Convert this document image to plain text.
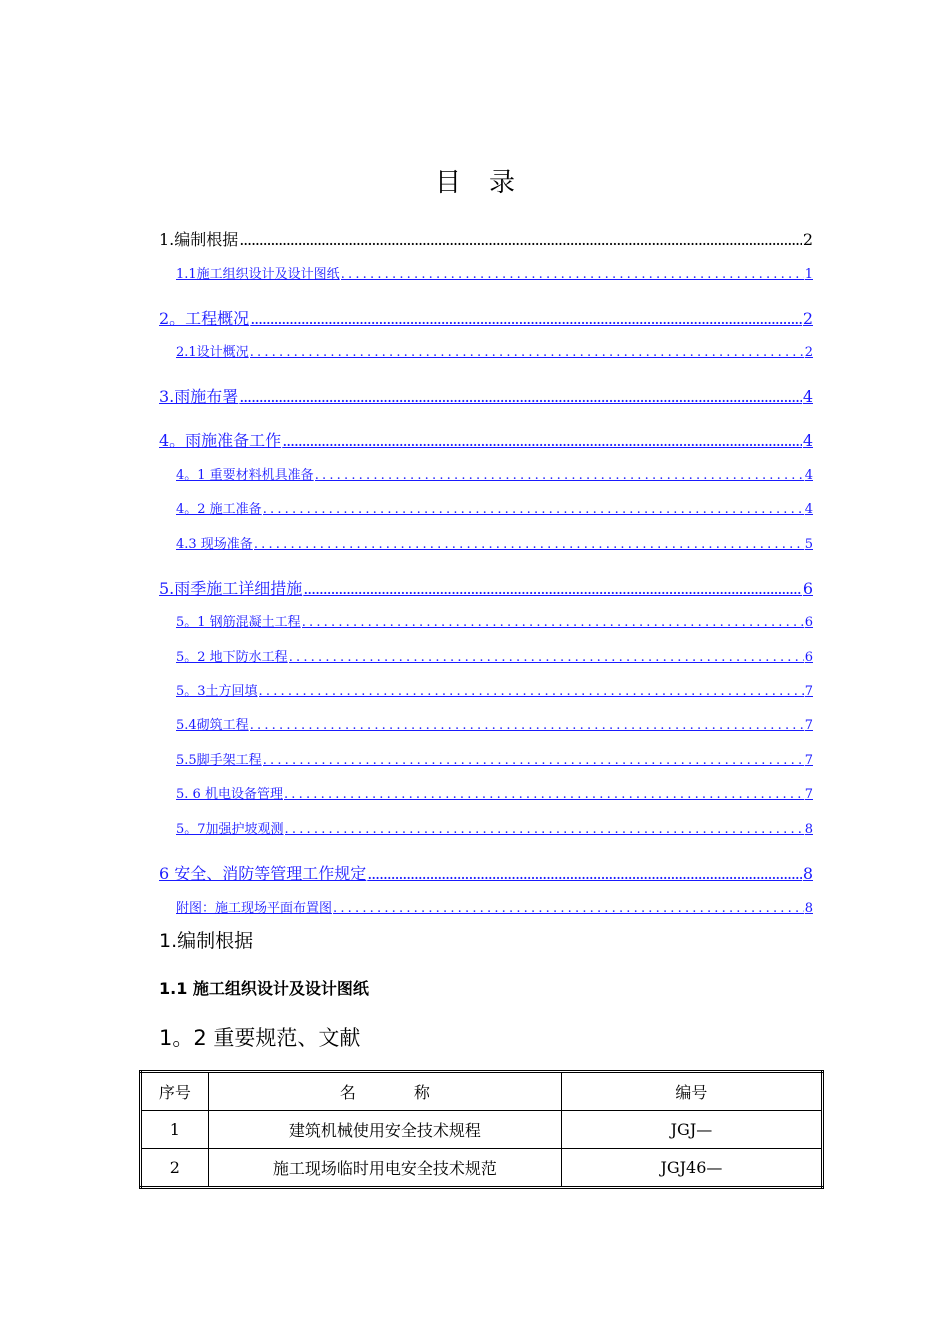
目录
1.编制根据 .....	2
1.1施工组织设计及设计图纸 .....	1
2。工程概况 .....	2
2.1设计概况 .....	2
3.雨施布署 .....	4
4。雨施准备工作 .....	4
4。1 重要材料机具准备 .....	4
4。2 施工准备 .....	4
4.3 现场准备 .....	5
5.雨季施工详细措施 .....	6
5。1 钢筋混凝土工程 .....	6
5。2 地下防水工程 .....	6
5。3土方回填 .....	7
5.4砌筑工程 .....	7
5.5脚手架工程 .....	7
5. 6 机电设备管理 .....	7
5。7加强护坡观测 .....	8
6 安全、消防等管理工作规定 .....	8
附图：施工现场平面布置图 .....	8
1.编制根据
1.1 施工组织设计及设计图纸
1。2 重要规范、文献
序号	名称	编号
1	建筑机械使用安全技术规程	JGJ—
2	施工现场临时用电安全技术规范	JGJ46—
